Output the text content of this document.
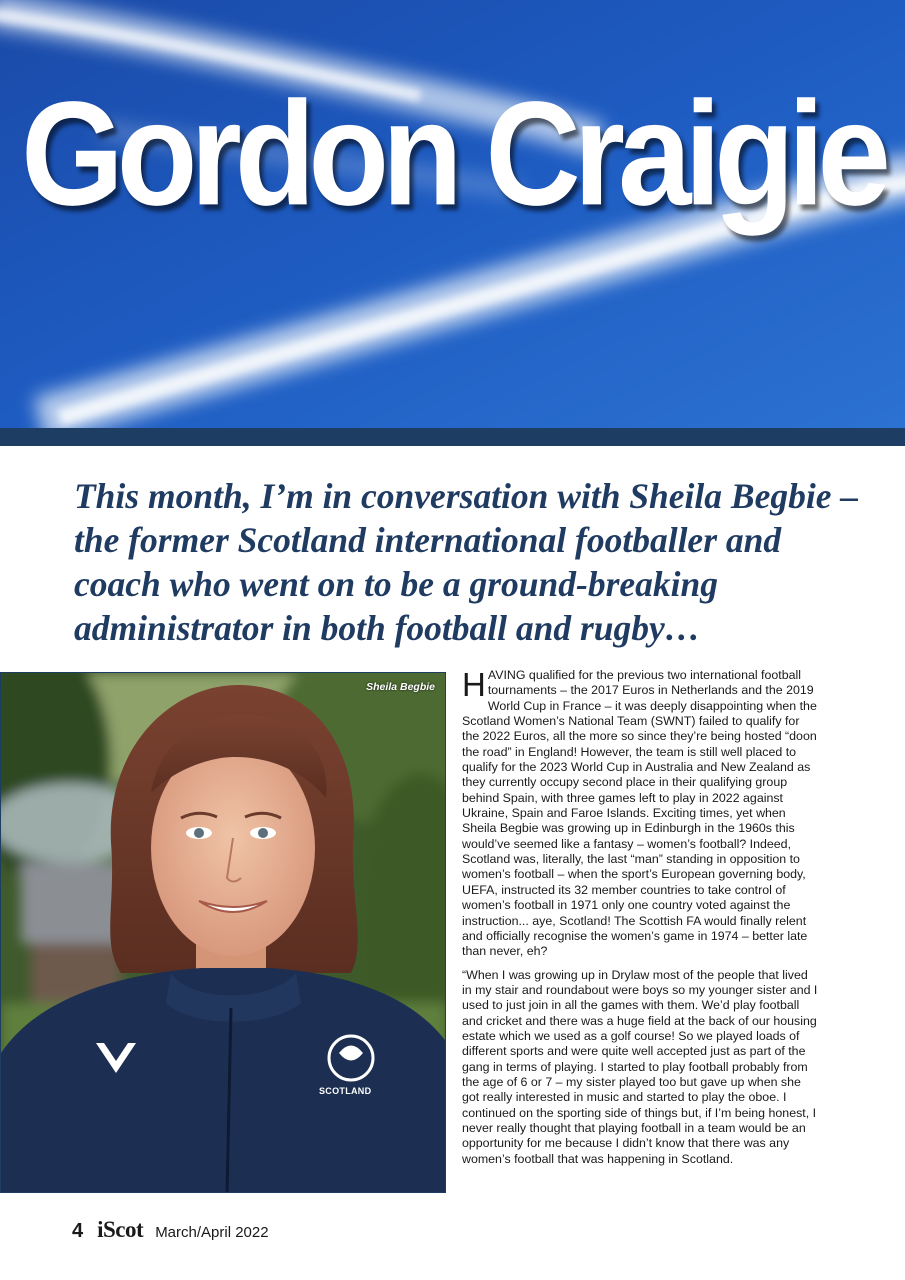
Gordon Craigie

This month, I’m in conversation with Sheila Begbie – the former Scotland international footballer and coach who went on to be a ground-breaking administrator in both football and rugby…

SCOTLAND
Sheila Begbie HAVING qualified for the previous two international football tournaments – the 2017 Euros in Netherlands and the 2019 World Cup in France – it was deeply disappointing when the Scotland Women’s National Team (SWNT) failed to qualify for the 2022 Euros, all the more so since they’re being hosted “doon the road” in England! However, the team is still well placed to qualify for the 2023 World Cup in Australia and New Zealand as they currently occupy second place in their qualifying group behind Spain, with three games left to play in 2022 against Ukraine, Spain and Faroe Islands. Exciting times, yet when Sheila Begbie was growing up in Edinburgh in the 1960s this would’ve seemed like a fantasy – women’s football? Indeed, Scotland was, literally, the last “man” standing in opposition to women’s football – when the sport’s European governing body, UEFA, instructed its 32 member countries to take control of women’s football in 1971 only one country voted against the instruction... aye, Scotland! The Scottish FA would finally relent and officially recognise the women’s game in 1974 – better late than never, eh?

“When I was growing up in Drylaw most of the people that lived in my stair and roundabout were boys so my younger sister and I used to just join in all the games with them. We’d play football and cricket and there was a huge field at the back of our housing estate which we used as a golf course! So we played loads of different sports and were quite well accepted just as part of the gang in terms of playing. I started to play football probably from the age of 6 or 7 – my sister played too but gave up when she got really interested in music and started to play the oboe. I continued on the sporting side of things but, if I’m being honest, I never really thought that playing football in a team would be an opportunity for me because I didn’t know that there was any women’s football that was happening in Scotland.

4 iScot March/April 2022
